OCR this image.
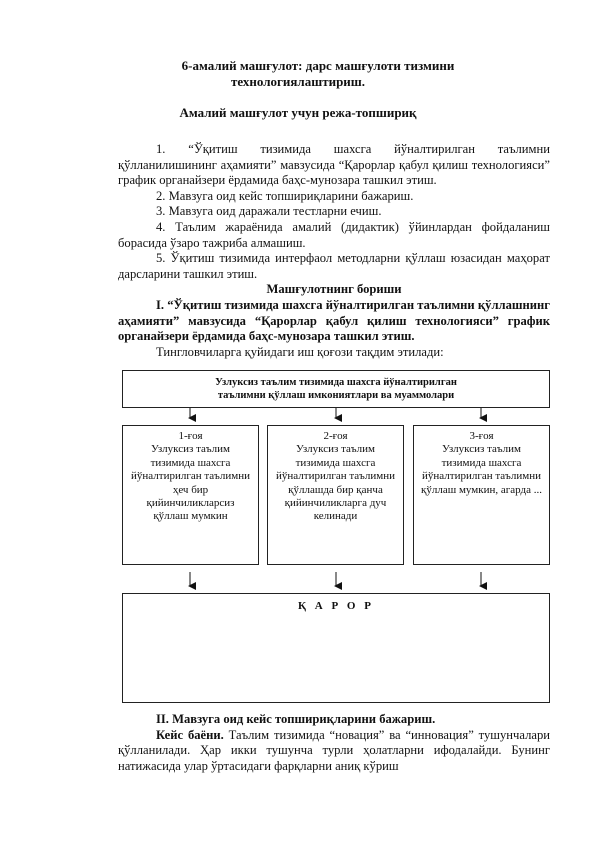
6-амалий машғулот: дарс машғулоти тизмини
технологиялаштириш.
Амалий машғулот учун режа-топшириқ

1. “Ўқитиш тизимида шахсга йўналтирилган таълимни қўлланилишининг аҳамияти” мавзусида “Қарорлар қабул қилиш технологияси” график органайзери ёрдамида баҳс-мунозара ташкил этиш.

2. Мавзуга оид кейс топшириқларини бажариш.

3. Мавзуга оид даражали тестларни ечиш.

4. Таълим жараёнида амалий (дидактик) ўйинлардан фойдаланиш борасида ўзаро тажриба алмашиш.

5. Ўқитиш тизимида интерфаол методларни қўллаш юзасидан маҳорат дарсларини ташкил этиш.

Машғулотнинг бориши

I. “Ўқитиш тизимида шахсга йўналтирилган таълимни қўллашнинг аҳамияти” мавзусида “Қарорлар қабул қилиш технологияси” график органайзери ёрдамида баҳс-мунозара ташкил этиш.

Тингловчиларга қуйидаги иш қоғози тақдим этилади:

Узлуксиз таълим тизимида шахсга йўналтирилган
таълимни қўллаш имкониятлари ва муаммолари
1-ғоя
Узлуксиз таълим тизимида шахсга йўналтирилган таълимни ҳеч бир қийинчиликларсиз қўллаш мумкин
2-ғоя
Узлуксиз таълим тизимида шахсга йўналтирилган таълимни қўллашда бир қанча қийинчиликларга дуч келинади
3-ғоя
Узлуксиз таълим тизимида шахсга йўналтирилган таълимни қўллаш мумкин, агарда ...
Қ А Р О Р

II. Мавзуга оид кейс топшириқларини бажариш.

Кейс баёни. Таълим тизимида “новация” ва “инновация” тушунчалари қўлланилади. Ҳар икки тушунча турли ҳолатларни ифодалайди. Бунинг натижасида улар ўртасидаги фарқларни аниқ кўриш
